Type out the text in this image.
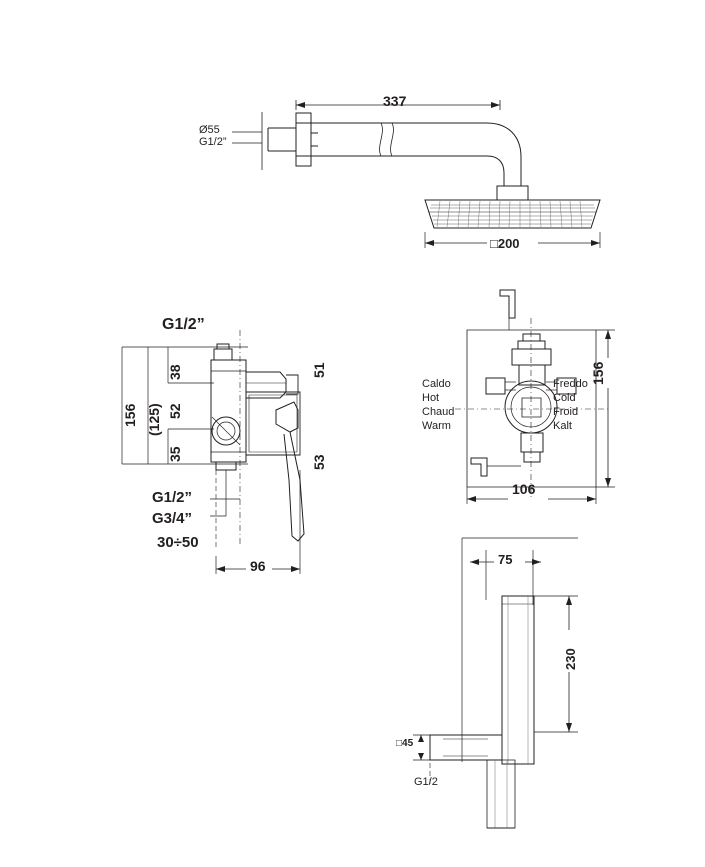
337
Ø55
G1/2”
□200
G1/2”
156 (125)
38
52
35
51
53
G1/2”
G3/4”
30÷50
96
156
106
Caldo
Hot
Chaud
Warm
Freddo
Cold
Froid
Kalt
75
230
□45
G1/2
